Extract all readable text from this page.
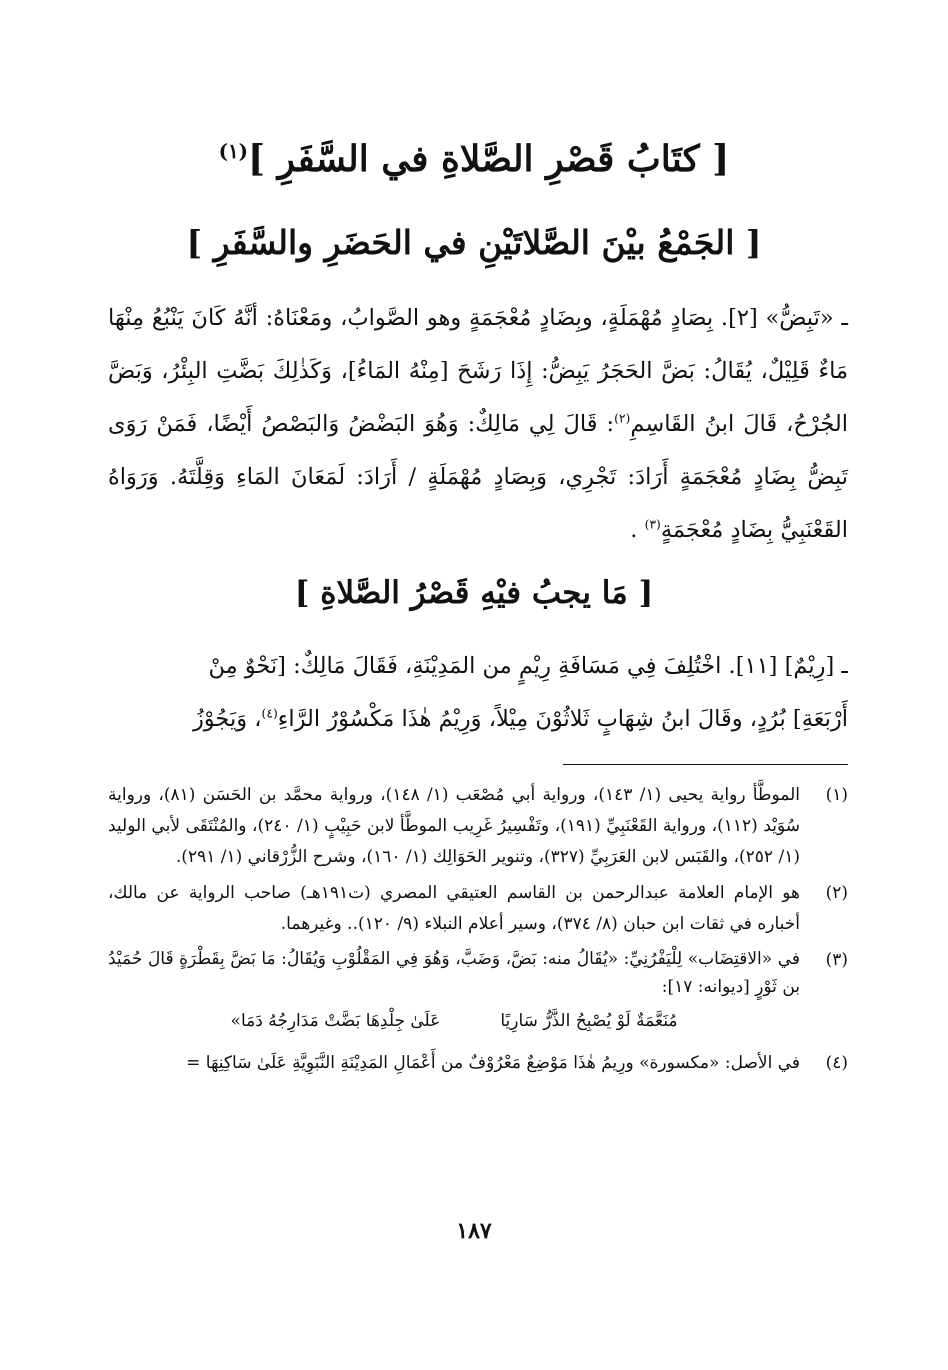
[ كتَابُ قَصْرِ الصَّلاةِ في السَّفَرِ ]$^{(١)}$
[ الجَمْعُ بيْنَ الصَّلاتَيْنِ في الحَضَرِ والسَّفَرِ ]
ـ «تَبِضُّ» [٢]. بِصَادٍ مُهْمَلَةٍ، وبِضَادٍ مُعْجَمَةٍ وهو الصَّوابُ، ومَعْنَاهُ: أنَّهُ كَانَ يَنْبُعُ مِنْهَا مَاءٌ قَلِيْلٌ، يُقَالُ: بَضَّ الحَجَرُ يَبِضُّ: إِذَا رَشَحَ [مِنْهُ المَاءُ]، وَكَذٰلِكَ بَضَّتِ البِئْرُ، وَبَضَّ الجُرْحُ، قَالَ ابنُ القَاسِمِ$^{(٢)}$: قَالَ لِي مَالِكٌ: وَهُوَ البَضْضُ وَالبَصْصُ أَيْضًا، فَمَنْ رَوَى تَبِضُّ بِضَادٍ مُعْجَمَةٍ أَرَادَ: تَجْرِي، وَبِصَادٍ مُهْمَلَةٍ / أَرَادَ: لَمَعَانَ المَاءِ وَقِلَّتَهُ. وَرَوَاهُ القَعْنَبِيُّ بِضَادٍ مُعْجَمَةٍ$^{(٣)}$ .
[ مَا يجبُ فيْهِ قَصْرُ الصَّلاةِ ]
ـ [رِيْمٌ] [١١]. اخْتُلِفَ فِي مَسَافَةِ رِيْمٍ من المَدِيْنَةِ، فَقَالَ مَالِكٌ: [نَحْوٌ مِنْ
أَرْبَعَةِ] بُرُدٍ، وقَالَ ابنُ شِهَابٍ ثَلاثُوْنَ مِيْلاً، وَرِيْمُ هٰذَا مَكْسُوْرُ الرَّاءِ$^{(٤)}$، وَيَجُوْزُ
(١)
الموطَّأ رواية يحيى (١/ ١٤٣)، ورواية أبي مُصْعَب (١/ ١٤٨)، ورواية محمَّد بن الحَسَن (٨١)، ورواية سُوَيْد (١١٢)، ورواية القَعْنَبِيِّ (١٩١)، وتَفْسِيرُ غَرِيب الموطَّأ لابن حَبِيْبٍ (١/ ٢٤٠)، والمُنْتَقَى لأبي الوليد (١/ ٢٥٢)، والقَبَس لابن العَرَبِيِّ (٣٢٧)، وتنوير الحَوَالِك (١/ ١٦٠)، وشرح الزُّرْقاني (١/ ٢٩١).
(٢)
هو الإمام العلامة عبدالرحمن بن القاسم العتيقي المصري (ت١٩١هـ) صاحب الرواية عن مالك، أخباره في ثقات ابن حبان (٨/ ٣٧٤)، وسير أعلام النبلاء (٩/ ١٢٠).. وغيرهما.
(٣)
في «الاقتِضَاب» لِلْيَفْرُنِيِّ: «يُقَالُ منه: بَضَّ، وَضَبَّ، وَهُوَ فِي المَقْلُوْبِ وَيُقَالُ: مَا بَضَّ بِقَطْرَةٍ قَالَ حُمَيْدُ بن ثَوْرٍ [ديوانه: ١٧]:
مُنَعَّمَةٌ لَوْ يُصْبِحُ الذَّرُّ سَارِيًا
عَلَىٰ جِلْدِهَا بَضَّتْ مَدَارِجُهُ دَمَا»
(٤)
في الأصل: «مكسورة» ورِيمُ هٰذَا مَوْضِعٌ مَعْرُوْفٌ من أَعْمَالِ المَدِيْنَةِ النَّبَوِيَّةِ عَلَىٰ سَاكِنِهَا =
١٨٧
